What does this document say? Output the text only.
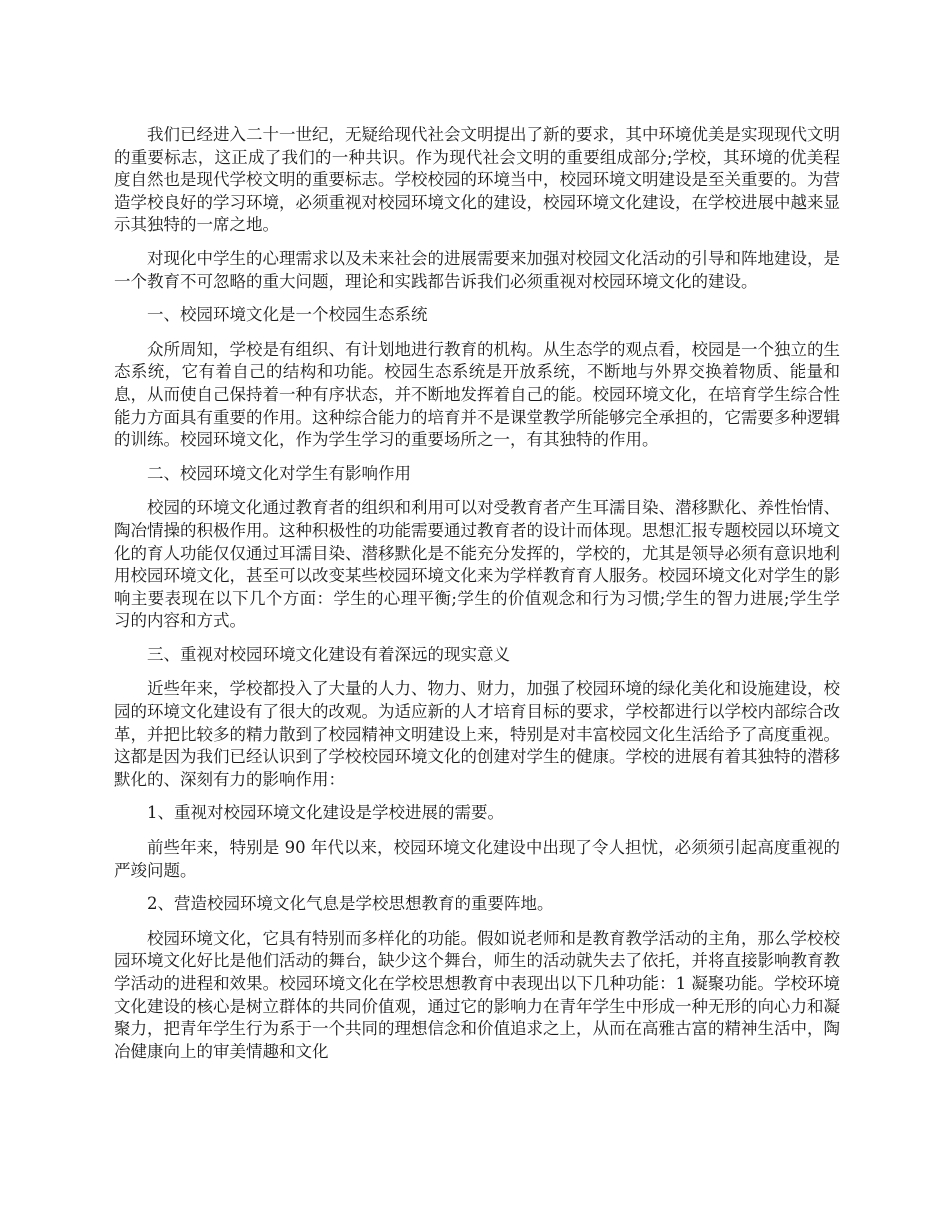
我们已经进入二十一世纪，无疑给现代社会文明提出了新的要求，其中环境优美是实现现代文明的重要标志，这正成了我们的一种共识。作为现代社会文明的重要组成部分;学校，其环境的优美程度自然也是现代学校文明的重要标志。学校校园的环境当中，校园环境文明建设是至关重要的。为营造学校良好的学习环境，必须重视对校园环境文化的建设，校园环境文化建设，在学校进展中越来显示其独特的一席之地。

对现化中学生的心理需求以及未来社会的进展需要来加强对校园文化活动的引导和阵地建设，是一个教育不可忽略的重大问题，理论和实践都告诉我们必须重视对校园环境文化的建设。

一、校园环境文化是一个校园生态系统

众所周知，学校是有组织、有计划地进行教育的机构。从生态学的观点看，校园是一个独立的生态系统，它有着自己的结构和功能。校园生态系统是开放系统，不断地与外界交换着物质、能量和息，从而使自己保持着一种有序状态，并不断地发挥着自己的能。校园环境文化，在培育学生综合性能力方面具有重要的作用。这种综合能力的培育并不是课堂教学所能够完全承担的，它需要多种逻辑的训练。校园环境文化，作为学生学习的重要场所之一，有其独特的作用。

二、校园环境文化对学生有影响作用

校园的环境文化通过教育者的组织和利用可以对受教育者产生耳濡目染、潜移默化、养性怡情、陶冶情操的积极作用。这种积极性的功能需要通过教育者的设计而体现。思想汇报专题校园以环境文化的育人功能仅仅通过耳濡目染、潜移默化是不能充分发挥的，学校的，尤其是领导必须有意识地利用校园环境文化，甚至可以改变某些校园环境文化来为学样教育育人服务。校园环境文化对学生的影响主要表现在以下几个方面：学生的心理平衡;学生的价值观念和行为习惯;学生的智力进展;学生学习的内容和方式。

三、重视对校园环境文化建设有着深远的现实意义

近些年来，学校都投入了大量的人力、物力、财力，加强了校园环境的绿化美化和设施建设，校园的环境文化建设有了很大的改观。为适应新的人才培育目标的要求，学校都进行以学校内部综合改革，并把比较多的精力散到了校园精神文明建设上来，特别是对丰富校园文化生活给予了高度重视。这都是因为我们已经认识到了学校校园环境文化的创建对学生的健康。学校的进展有着其独特的潜移默化的、深刻有力的影响作用：

1、重视对校园环境文化建设是学校进展的需要。

前些年来，特别是 90 年代以来，校园环境文化建设中出现了令人担忧，必须须引起高度重视的严竣问题。

2、营造校园环境文化气息是学校思想教育的重要阵地。

校园环境文化，它具有特别而多样化的功能。假如说老师和是教育教学活动的主角，那么学校校园环境文化好比是他们活动的舞台，缺少这个舞台，师生的活动就失去了依托，并将直接影响教育教学活动的进程和效果。校园环境文化在学校思想教育中表现出以下几种功能：1 凝聚功能。学校环境文化建设的核心是树立群体的共同价值观，通过它的影响力在青年学生中形成一种无形的向心力和凝聚力，把青年学生行为系于一个共同的理想信念和价值追求之上，从而在高雅古富的精神生活中，陶冶健康向上的审美情趣和文化
